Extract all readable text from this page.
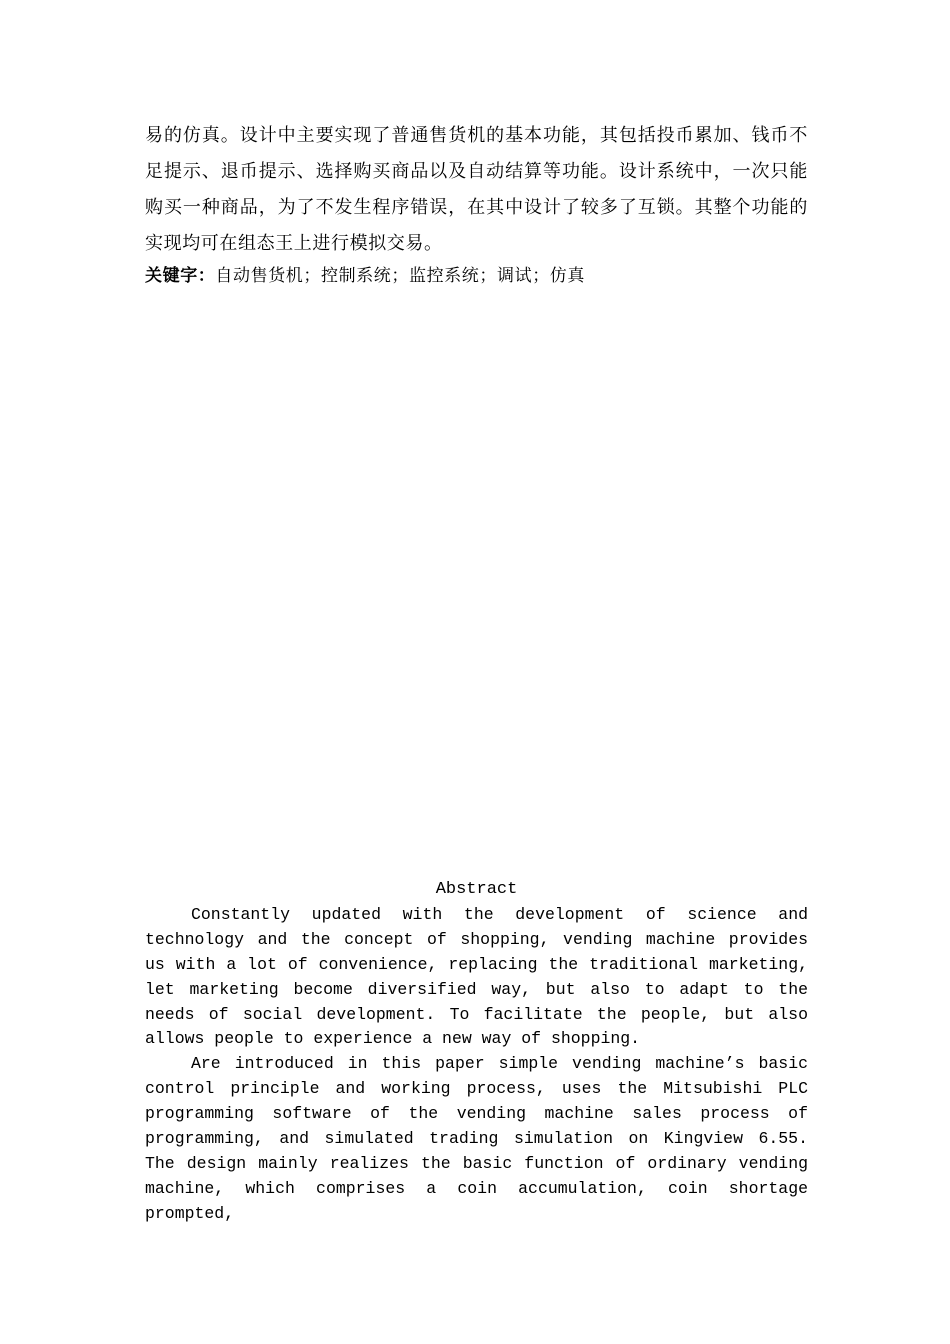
易的仿真。设计中主要实现了普通售货机的基本功能，其包括投币累加、钱币不足提示、退币提示、选择购买商品以及自动结算等功能。设计系统中，一次只能购买一种商品，为了不发生程序错误，在其中设计了较多了互锁。其整个功能的实现均可在组态王上进行模拟交易。

关键字：自动售货机；控制系统；监控系统；调试；仿真

Abstract

Constantly updated with the development of science and technology and the concept of shopping, vending machine provides us with a lot of convenience, replacing the traditional marketing, let marketing become diversified way, but also to adapt to the needs of social development. To facilitate the people, but also allows people to experience a new way of shopping.

Are introduced in this paper simple vending machine’s basic control principle and working process, uses the Mitsubishi PLC programming software of the vending machine sales process of programming, and simulated trading simulation on Kingview 6.55. The design mainly realizes the basic function of ordinary vending machine, which comprises a coin accumulation, coin shortage prompted,
